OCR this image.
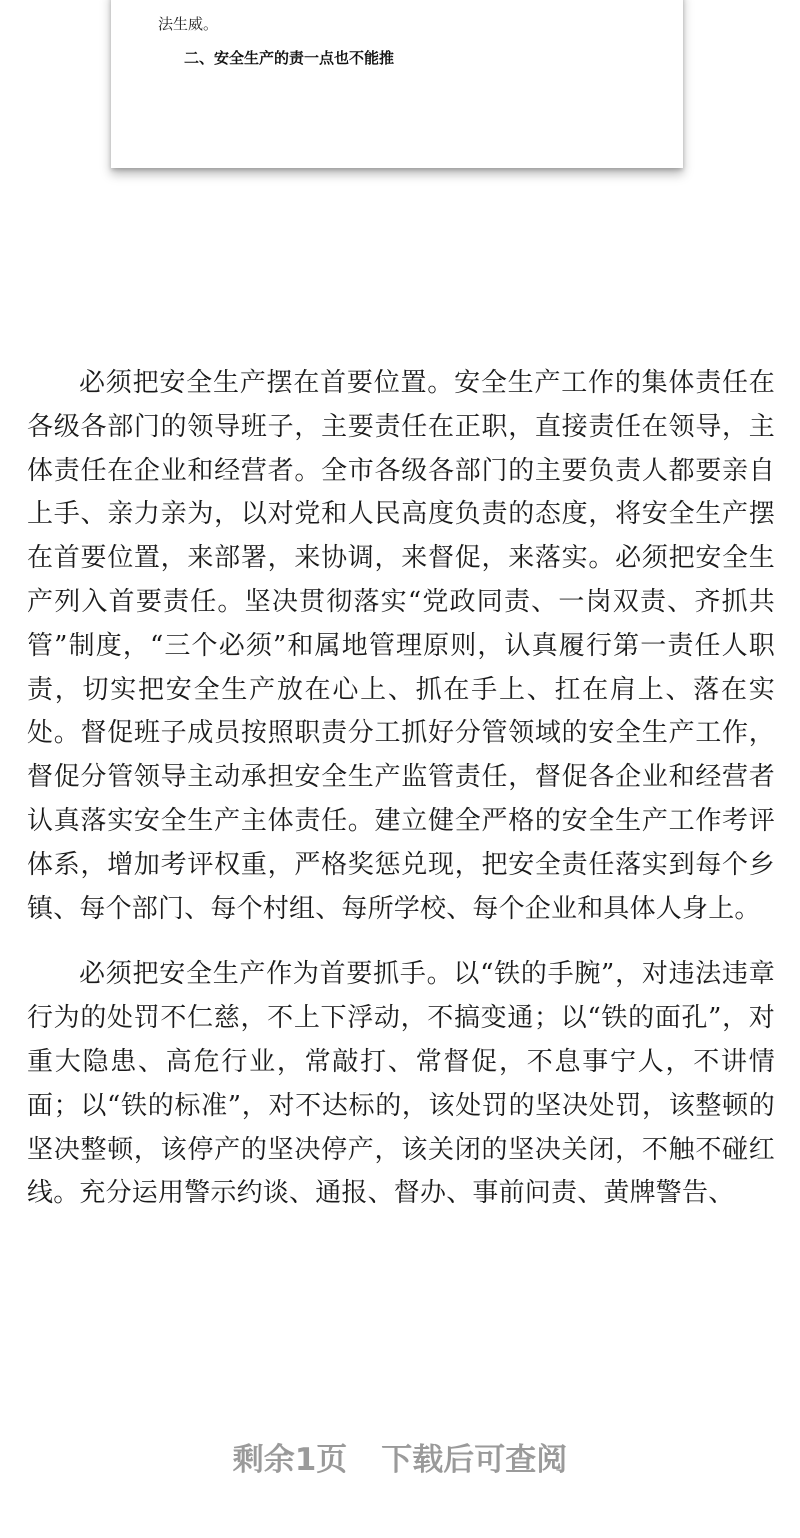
法生威。
二、安全生产的责一点也不能推

必须把安全生产摆在首要位置。安全生产工作的集体责任在各级各部门的领导班子，主要责任在正职，直接责任在领导，主体责任在企业和经营者。全市各级各部门的主要负责人都要亲自上手、亲力亲为，以对党和人民高度负责的态度，将安全生产摆在首要位置，来部署，来协调，来督促，来落实。必须把安全生产列入首要责任。坚决贯彻落实“党政同责、一岗双责、齐抓共管”制度，“三个必须”和属地管理原则，认真履行第一责任人职责，切实把安全生产放在心上、抓在手上、扛在肩上、落在实处。督促班子成员按照职责分工抓好分管领域的安全生产工作，督促分管领导主动承担安全生产监管责任，督促各企业和经营者认真落实安全生产主体责任。建立健全严格的安全生产工作考评体系，增加考评权重，严格奖惩兑现，把安全责任落实到每个乡镇、每个部门、每个村组、每所学校、每个企业和具体人身上。

必须把安全生产作为首要抓手。以“铁的手腕”，对违法违章行为的处罚不仁慈，不上下浮动，不搞变通；以“铁的面孔”，对重大隐患、高危行业，常敲打、常督促，不息事宁人，不讲情面；以“铁的标准”，对不达标的，该处罚的坚决处罚，该整顿的坚决整顿，该停产的坚决停产，该关闭的坚决关闭，不触不碰红线。充分运用警示约谈、通报、督办、事前问责、黄牌警告、

剩余1页 下载后可查阅
